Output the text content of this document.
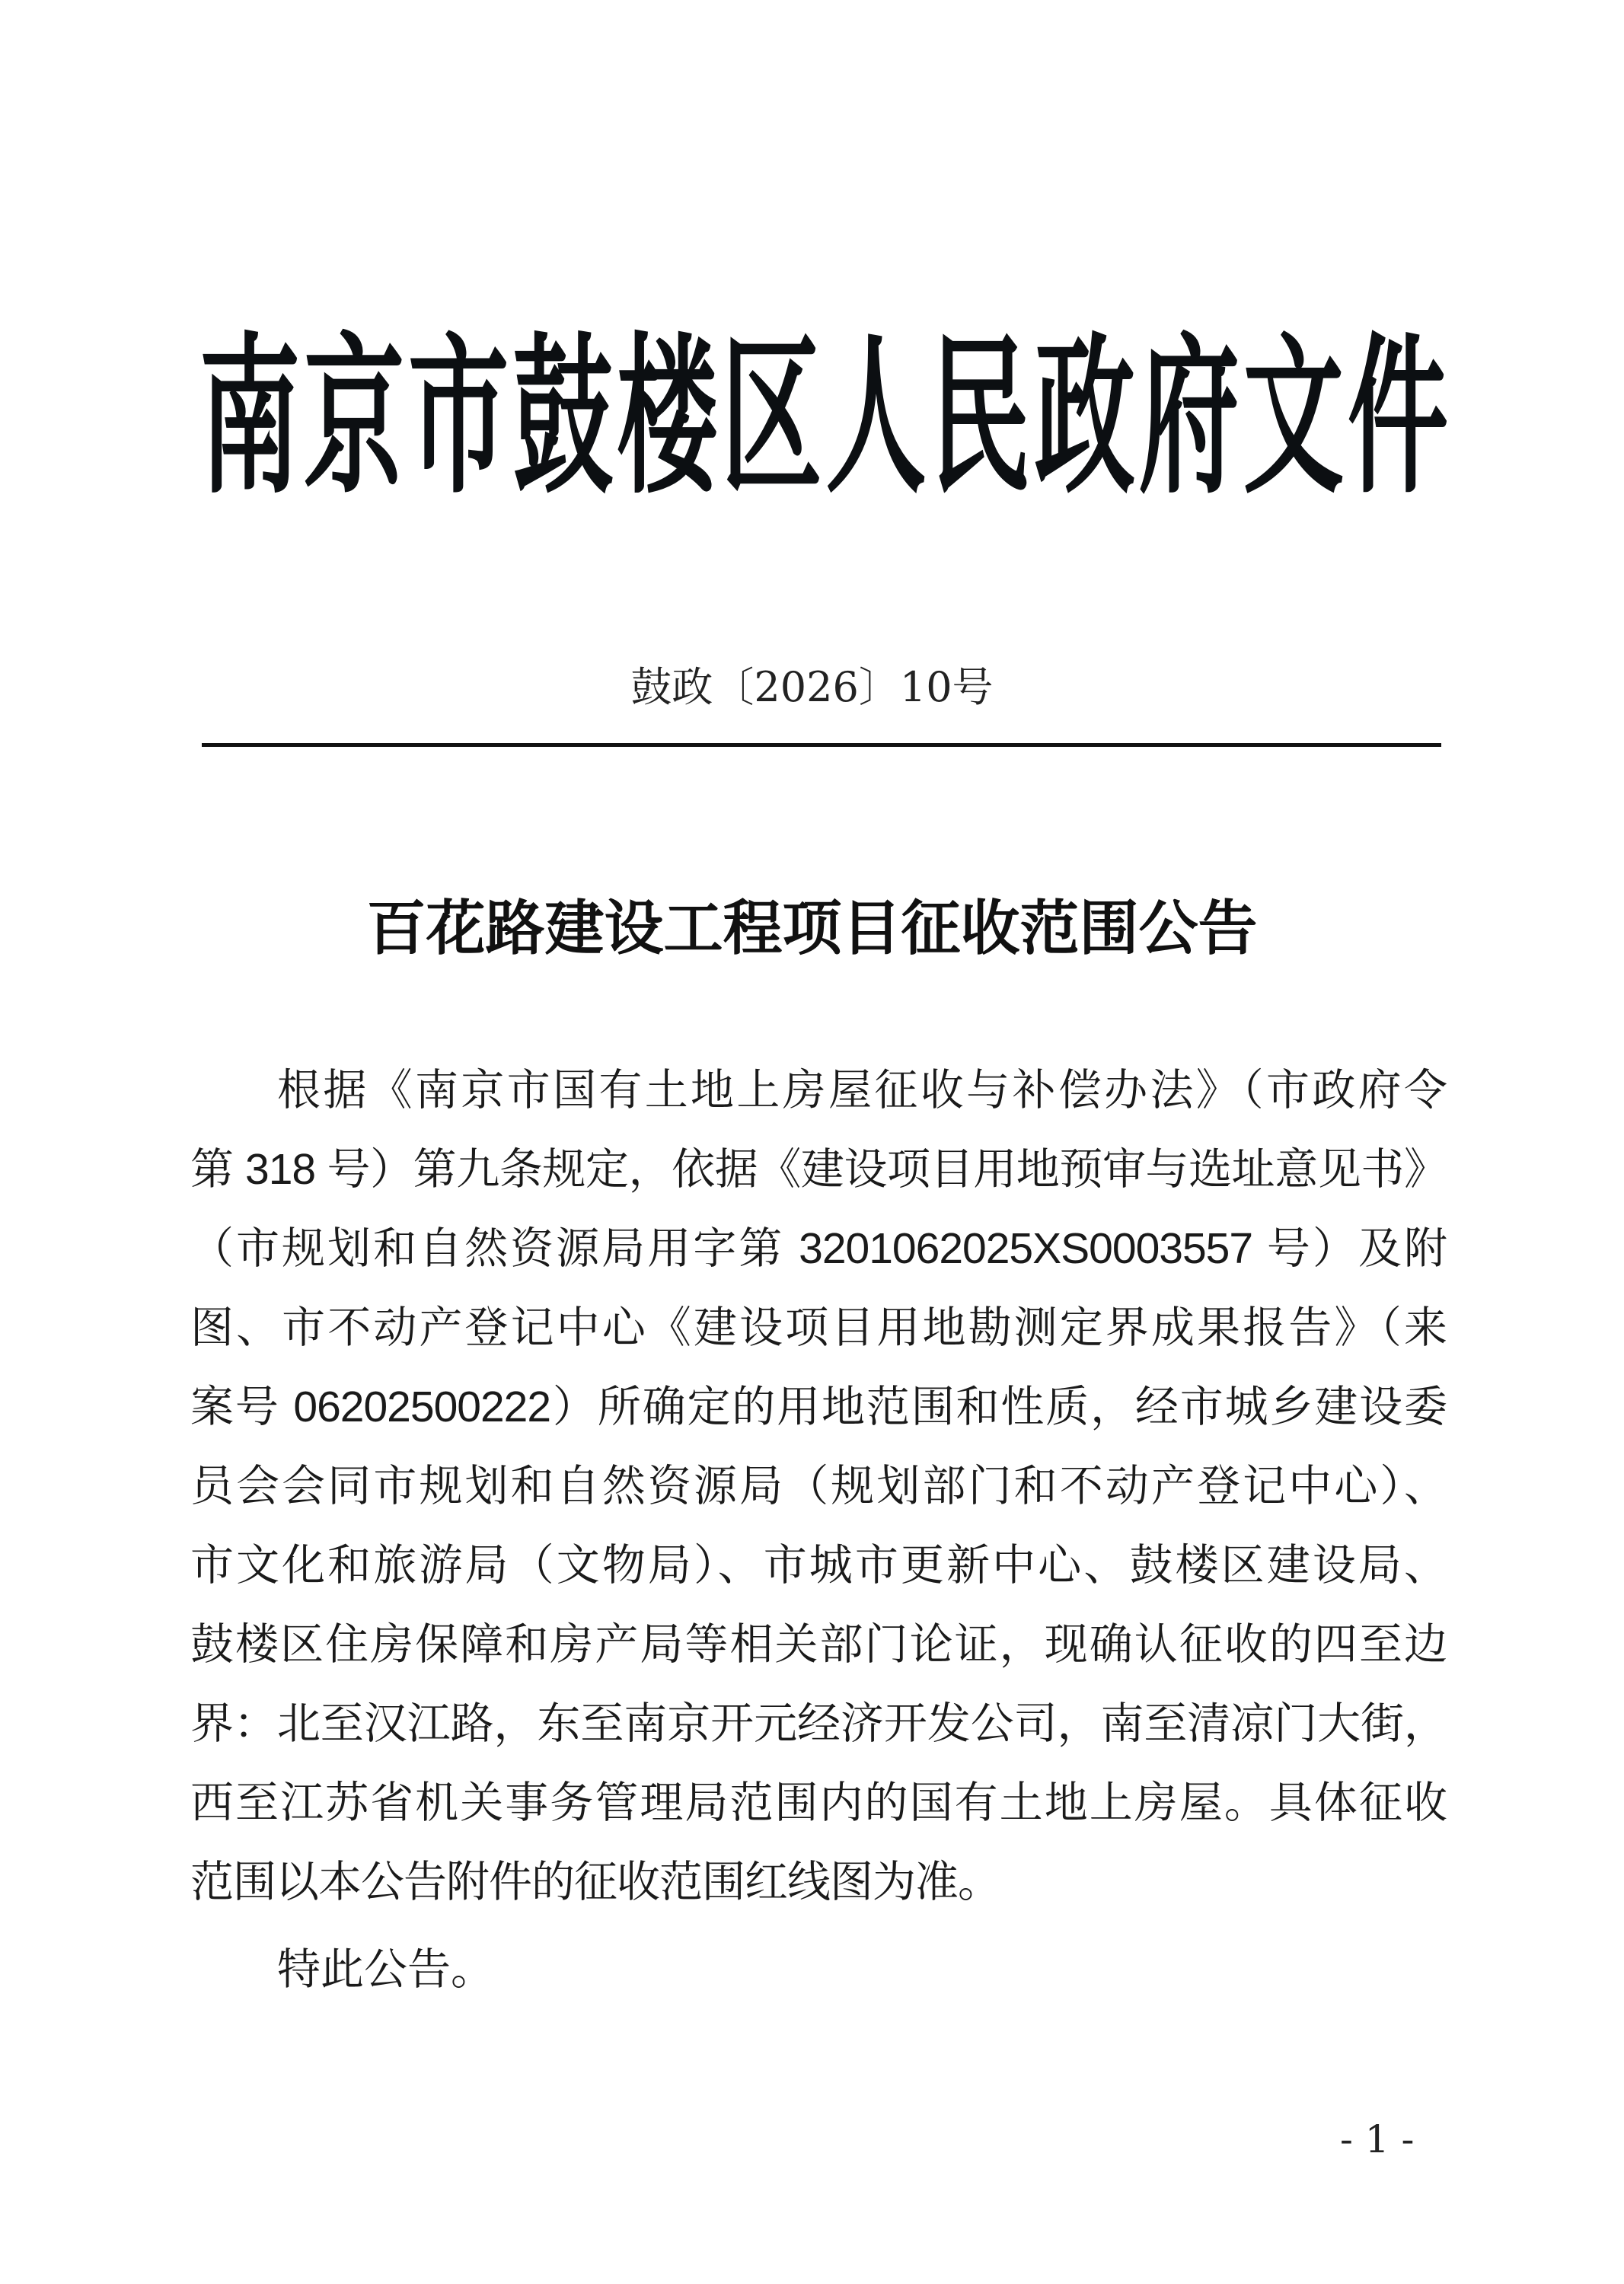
南京市鼓楼区人民政府文件
鼓政〔2026〕10号
百花路建设工程项目征收范围公告
根据《南京市国有土地上房屋征收与补偿办法》（市政府令
第 318 号）第九条规定，依据《建设项目用地预审与选址意见书》
（市规划和自然资源局用字第 3201062025XS0003557 号）及附
图、市不动产登记中心《建设项目用地勘测定界成果报告》（来
案号 06202500222）所确定的用地范围和性质，经市城乡建设委
员会会同市规划和自然资源局（规划部门和不动产登记中心）、
市文化和旅游局（文物局）、市城市更新中心、鼓楼区建设局、
鼓楼区住房保障和房产局等相关部门论证，现确认征收的四至边
界：北至汉江路，东至南京开元经济开发公司，南至清凉门大街，
西至江苏省机关事务管理局范围内的国有土地上房屋。具体征收
范围以本公告附件的征收范围红线图为准。
特此公告。
- 1 -
